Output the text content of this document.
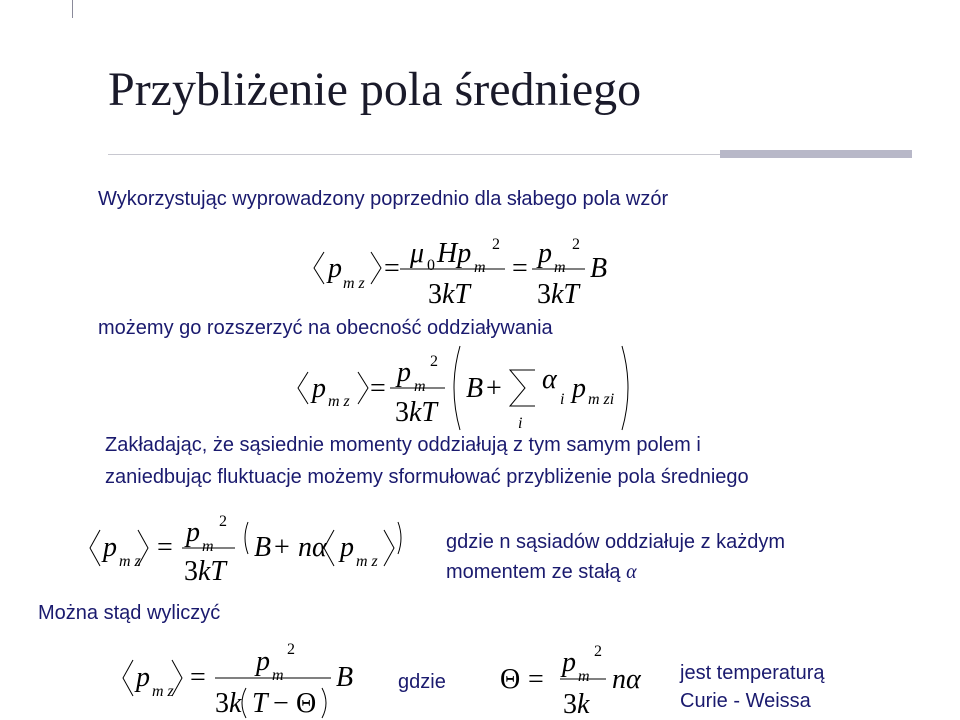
Przybliżenie pola średniego
Wykorzystując wyprowadzony poprzednio dla słabego pola wzór
możemy go rozszerzyć na obecność oddziaływania
Zakładając, że sąsiednie momenty oddziałują z tym samym polem i
zaniedbując fluktuacje możemy sformułować przybliżenie pola średniego
gdzie n sąsiadów oddziałuje z każdym
momentem ze stałą α
Można stąd wyliczyć
gdzie	jest temperaturą
Curie - Weissa
p m z = μ 0 Hp m
2
3kT
= p m
2
3kT
B
p m z =
p m
2
3kT
B +
i
α
i p m zi
p m z = p m
2
3kT
B + nα p m z
p m z =
p m
2
3k T − Θ
B	Θ =
p m
2
3k
nα
